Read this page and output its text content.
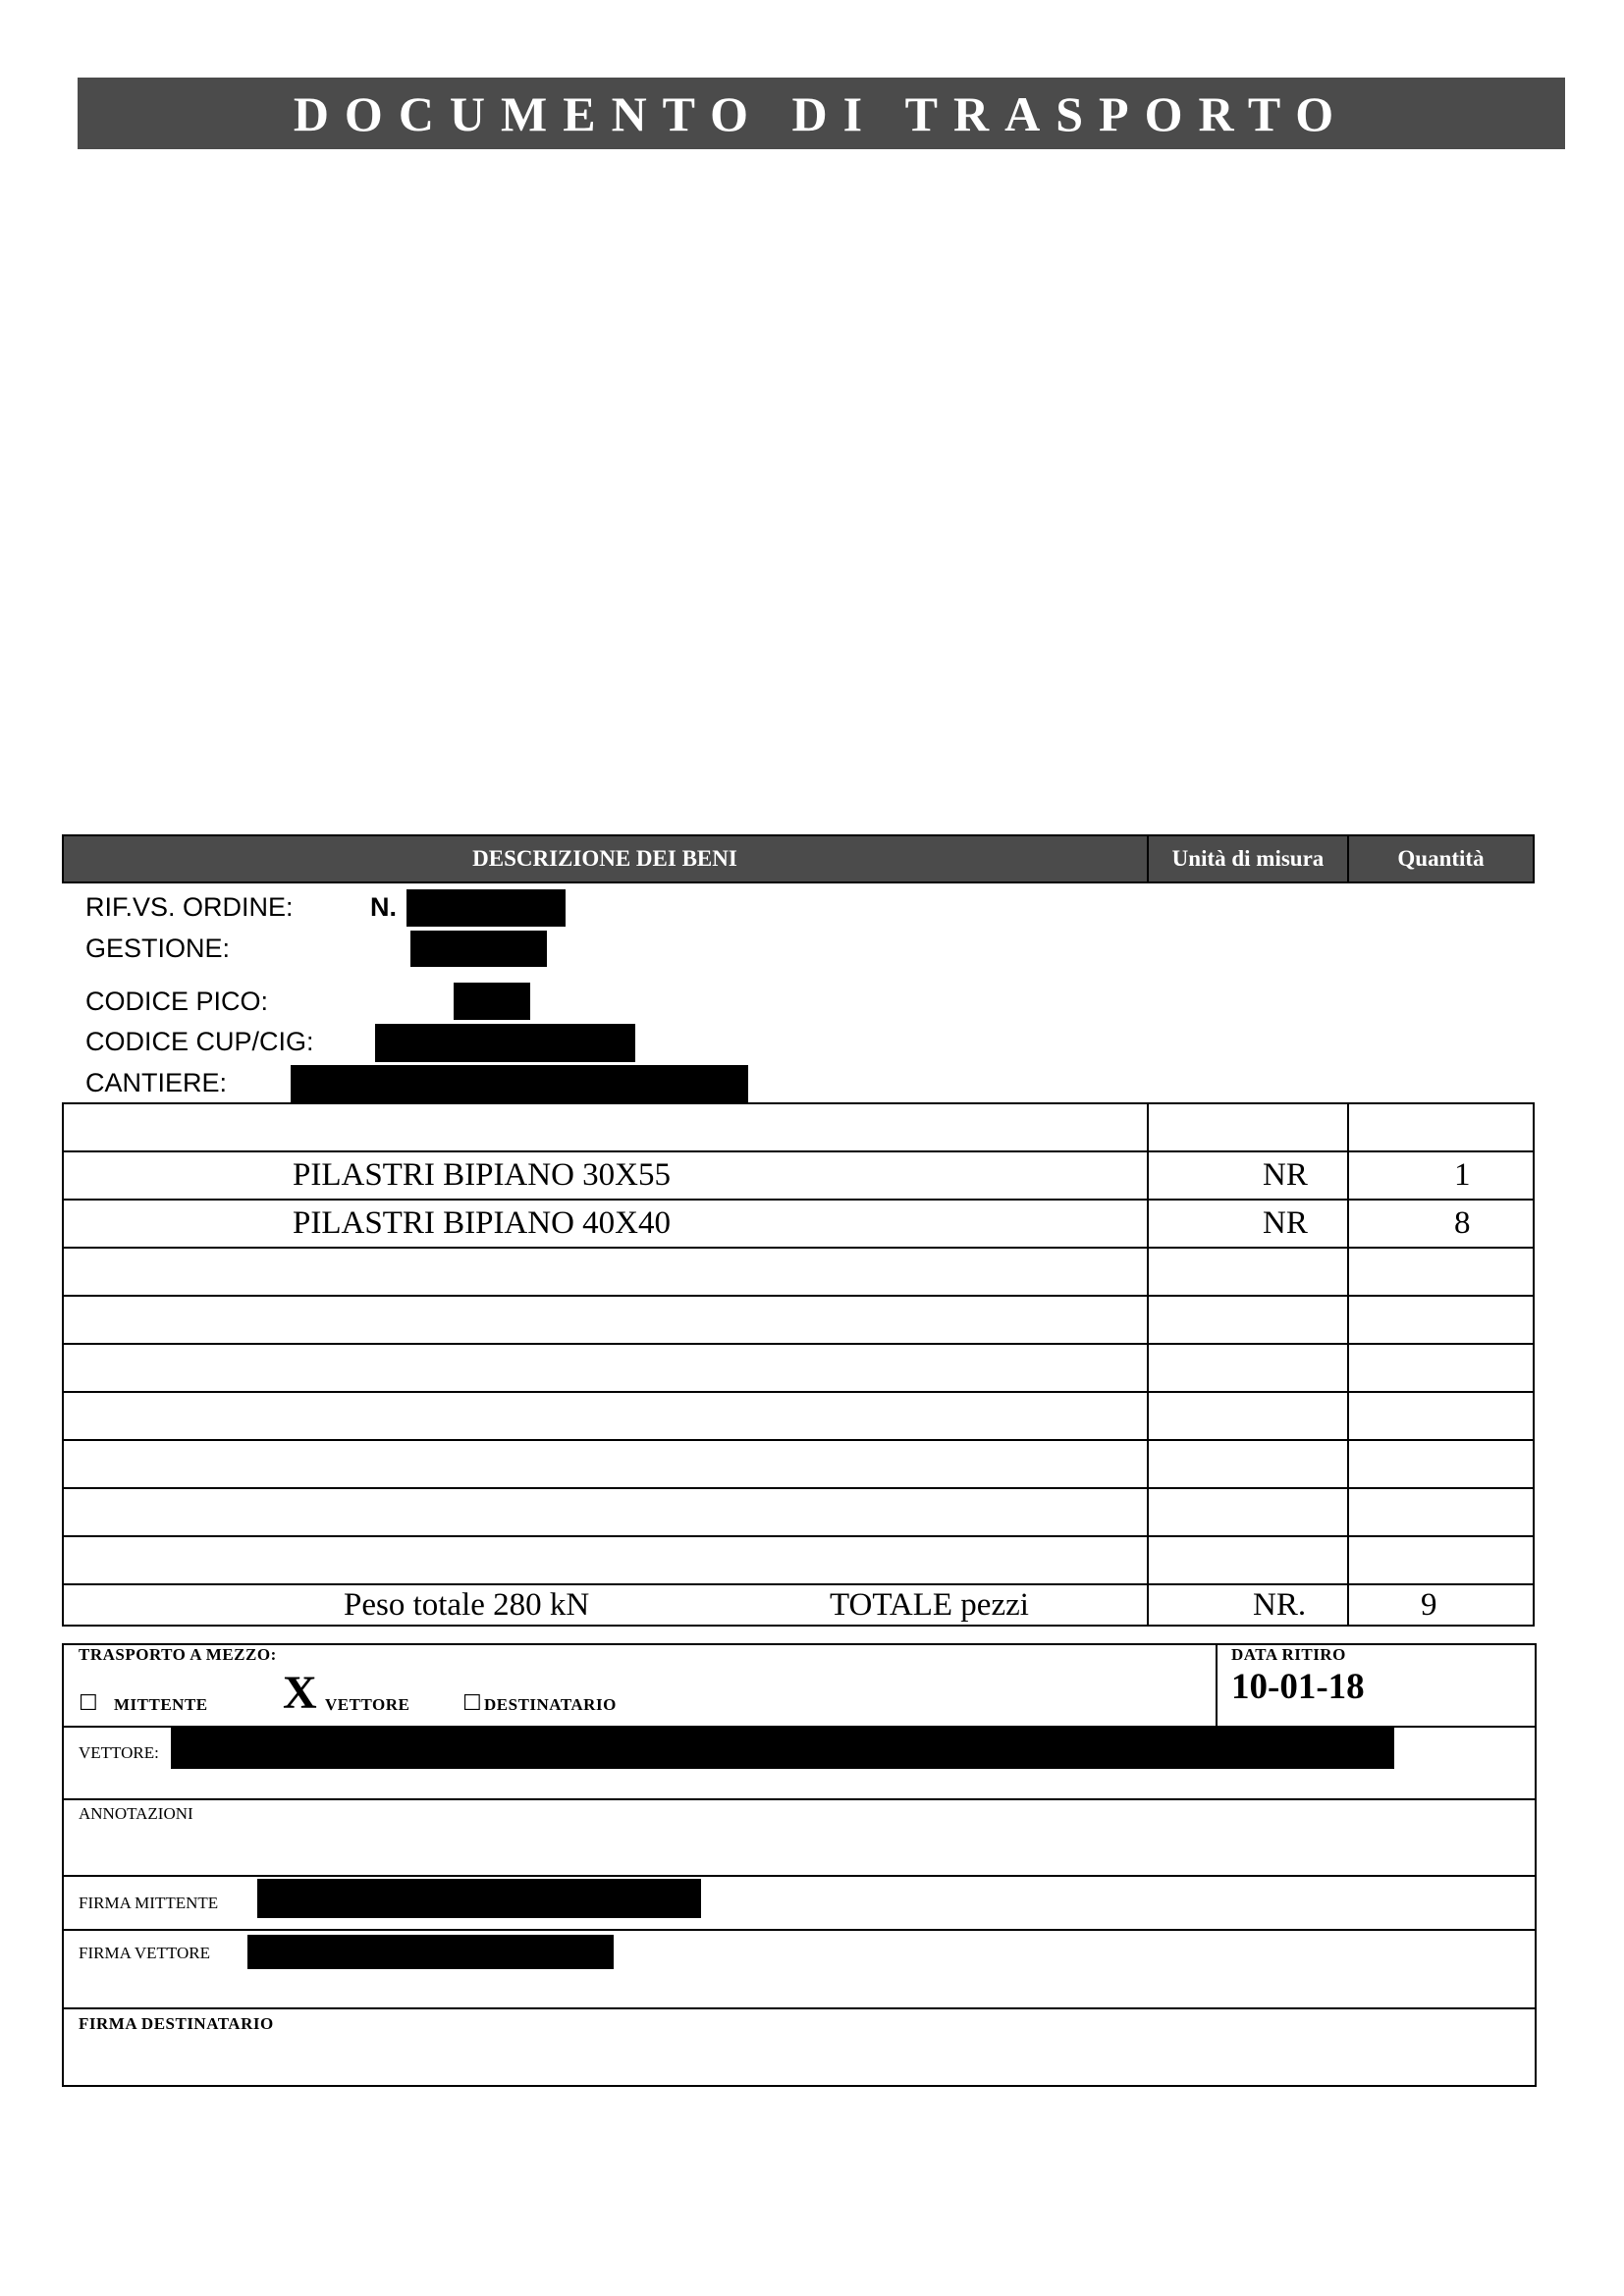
DOCUMENTO DI TRASPORTO
DESCRIZIONE DEI BENI	Unità di misura	Quantità
RIF.VS. ORDINE:	N.
GESTIONE:
CODICE PICO:
CODICE CUP/CIG:
CANTIERE:
PILASTRI BIPIANO 30X55	NR	1
PILASTRI BIPIANO 40X40	NR	8
Peso totale 280 kN	TOTALE pezzi	NR.	9
TRASPORTO A MEZZO:
☐ MITTENTE X VETTORE ☐ DESTINATARIO
DATA RITIRO
10-01-18
VETTORE:
ANNOTAZIONI
FIRMA MITTENTE
FIRMA VETTORE
FIRMA DESTINATARIO
